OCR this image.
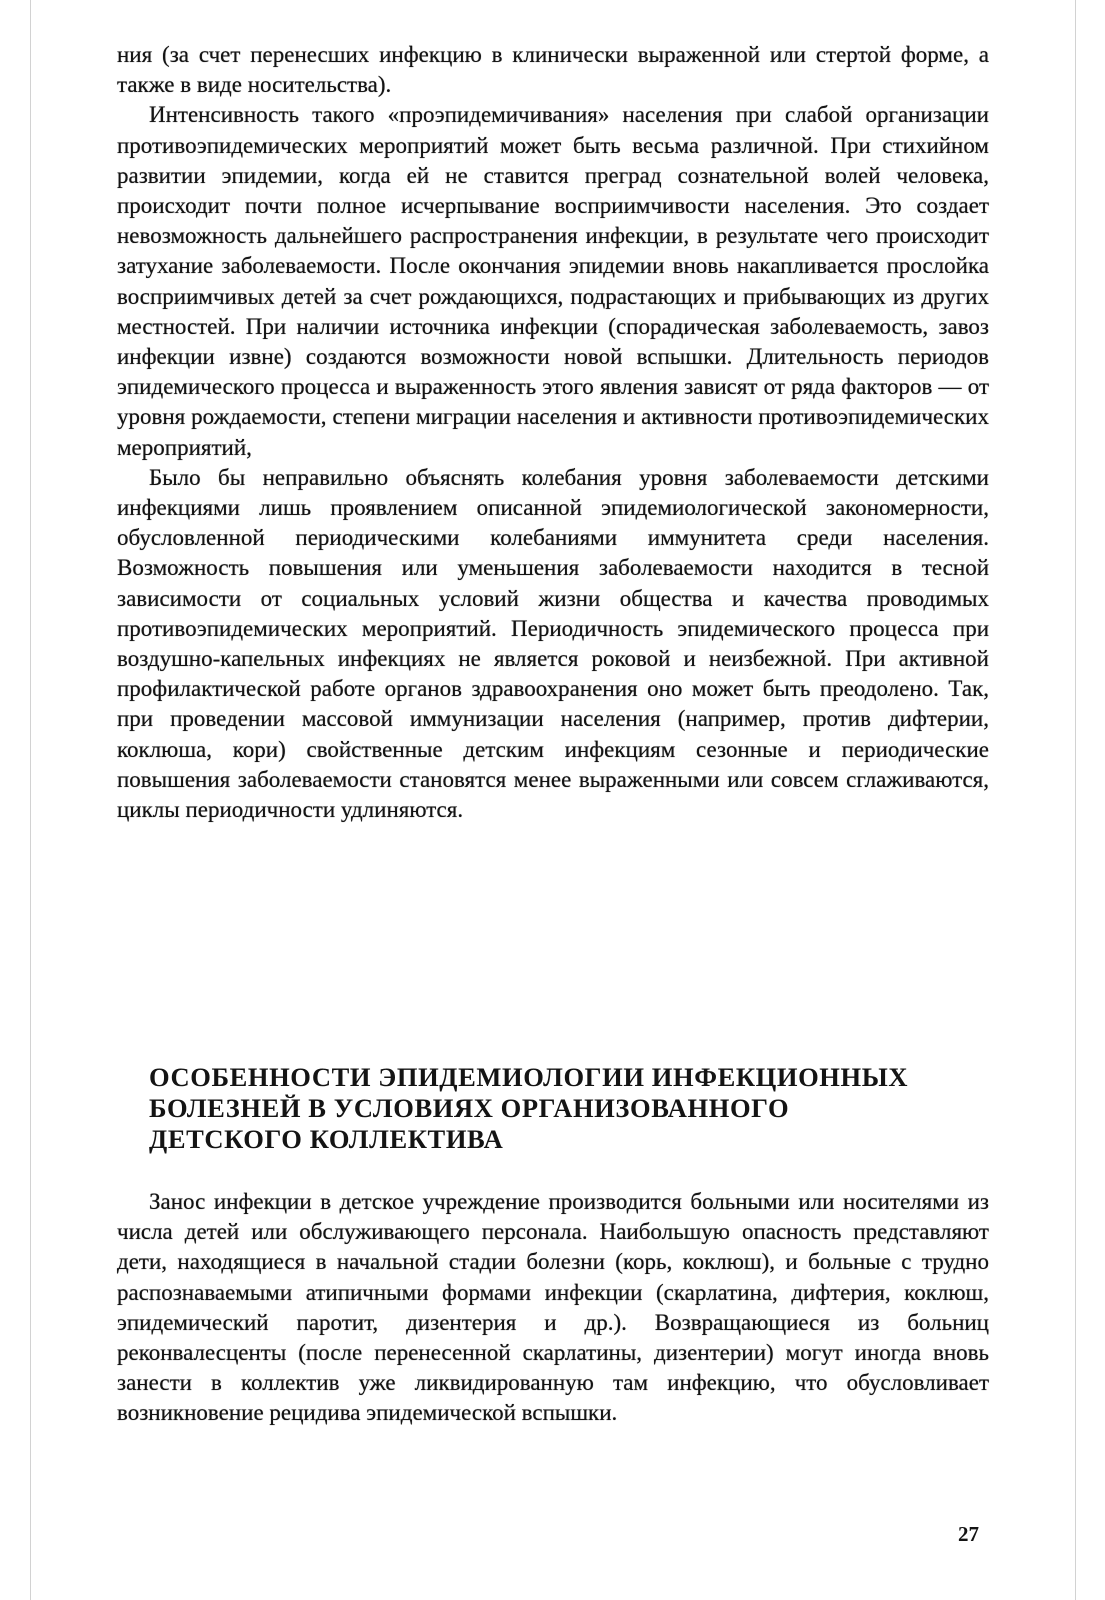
ния (за счет перенесших инфекцию в клинически выраженной или стертой форме, а также в виде носительства).

Интенсивность такого «проэпидемичивания» населения при слабой организации противоэпидемических мероприятий может быть весьма различной. При стихийном развитии эпидемии, когда ей не ставится преград сознательной волей человека, происходит почти полное исчерпывание восприимчивости населения. Это создает невозможность дальнейшего распространения инфекции, в результате чего происходит затухание заболеваемости. После окончания эпидемии вновь накапливается прослойка восприимчивых детей за счет рождающихся, подрастающих и прибывающих из других местностей. При наличии источника инфекции (спорадическая заболеваемость, завоз инфекции извне) создаются возможности новой вспышки. Длительность периодов эпидемического процесса и выраженность этого явления зависят от ряда факторов — от уровня рождаемости, степени миграции населения и активности противоэпидемических мероприятий,

Было бы неправильно объяснять колебания уровня заболеваемости детскими инфекциями лишь проявлением описанной эпидемиологической закономерности, обусловленной периодическими колебаниями иммунитета среди населения. Возможность повышения или уменьшения заболеваемости находится в тесной зависимости от социальных условий жизни общества и качества проводимых противоэпидемических мероприятий. Периодичность эпидемического процесса при воздушно-капельных инфекциях не является роковой и неизбежной. При активной профилактической работе органов здравоохранения оно может быть преодолено. Так, при проведении массовой иммунизации населения (например, против дифтерии, коклюша, кори) свойственные детским инфекциям сезонные и периодические повышения заболеваемости становятся менее выраженными или совсем сглаживаются, циклы периодичности удлиняются.

ОСОБЕННОСТИ ЭПИДЕМИОЛОГИИ ИНФЕКЦИОННЫХ
БОЛЕЗНЕЙ В УСЛОВИЯХ ОРГАНИЗОВАННОГО
ДЕТСКОГО КОЛЛЕКТИВА

Занос инфекции в детское учреждение производится больными или носителями из числа детей или обслуживающего персонала. Наибольшую опасность представляют дети, находящиеся в начальной стадии болезни (корь, коклюш), и больные с трудно распознаваемыми атипичными формами инфекции (скарлатина, дифтерия, коклюш, эпидемический паротит, дизентерия и др.). Возвращающиеся из больниц реконвалесценты (после перенесенной скарлатины, дизентерии) могут иногда вновь занести в коллектив уже ликвидированную там инфекцию, что обусловливает возникновение рецидива эпидемической вспышки.

27
